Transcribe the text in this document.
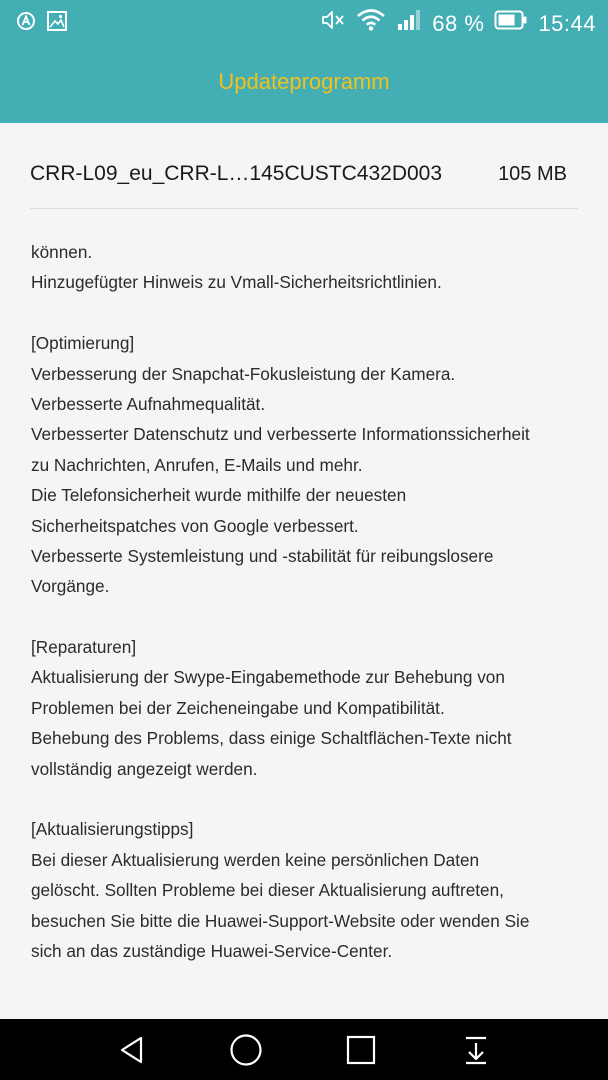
68 % 15:44
Updateprogramm
CRR-L09_eu_CRR-L…145CUSTC432D003	105 MB
können.
Hinzugefügter Hinweis zu Vmall-Sicherheitsrichtlinien.
[Optimierung]
Verbesserung der Snapchat-Fokusleistung der Kamera.
Verbesserte Aufnahmequalität.
Verbesserter Datenschutz und verbesserte Informationssicherheit
zu Nachrichten, Anrufen, E-Mails und mehr.
Die Telefonsicherheit wurde mithilfe der neuesten
Sicherheitspatches von Google verbessert.
Verbesserte Systemleistung und -stabilität für reibungslosere
Vorgänge.
[Reparaturen]
Aktualisierung der Swype-Eingabemethode zur Behebung von
Problemen bei der Zeicheneingabe und Kompatibilität.
Behebung des Problems, dass einige Schaltflächen-Texte nicht
vollständig angezeigt werden.
[Aktualisierungstipps]
Bei dieser Aktualisierung werden keine persönlichen Daten
gelöscht. Sollten Probleme bei dieser Aktualisierung auftreten,
besuchen Sie bitte die Huawei-Support-Website oder wenden Sie
sich an das zuständige Huawei-Service-Center.
